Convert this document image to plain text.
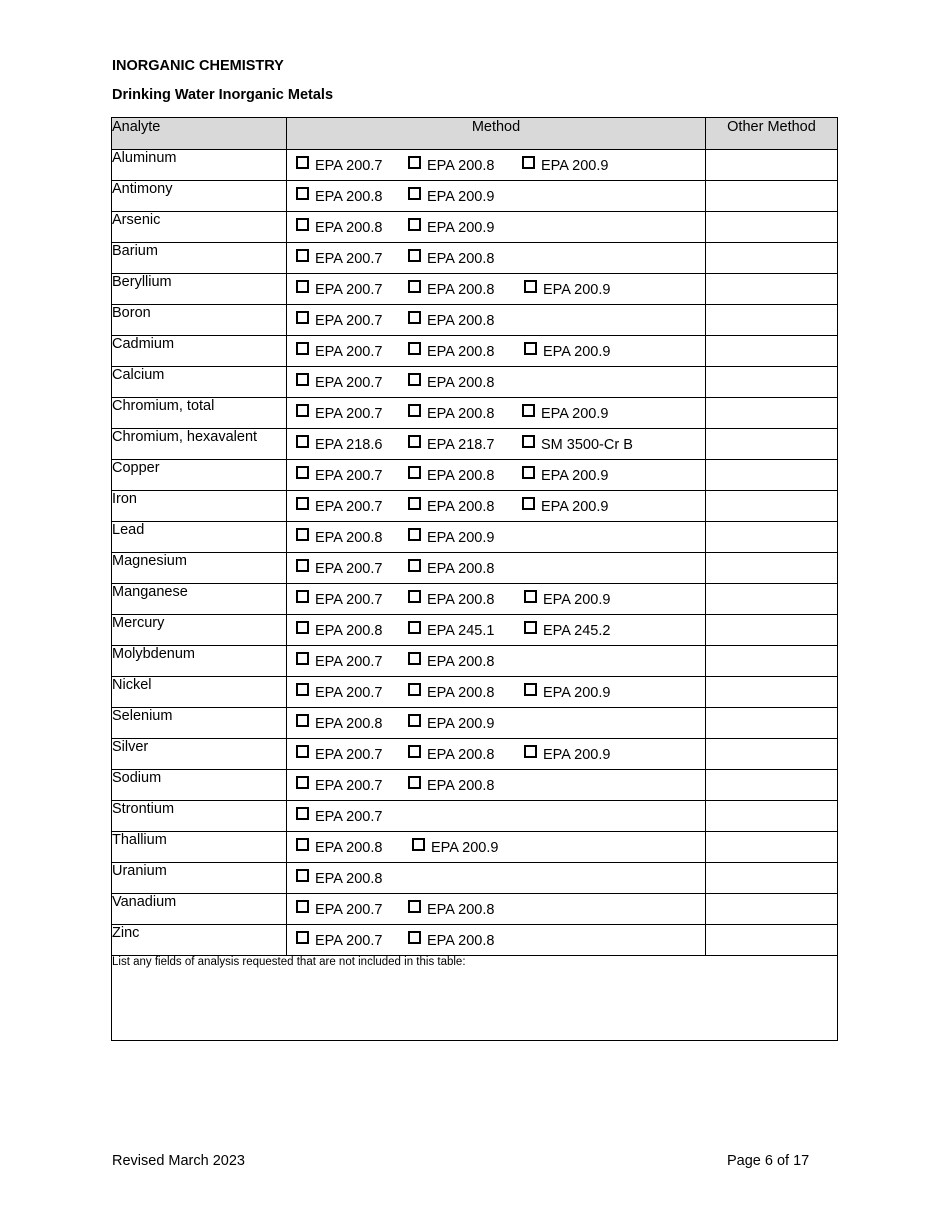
INORGANIC CHEMISTRY
Drinking Water Inorganic Metals
Analyte	Method	Other Method
Aluminum	EPA 200.7 EPA 200.8 EPA 200.9	

Antimony	EPA 200.8 EPA 200.9	

Arsenic	EPA 200.8 EPA 200.9	

Barium	EPA 200.7 EPA 200.8	

Beryllium	EPA 200.7 EPA 200.8 EPA 200.9	

Boron	EPA 200.7 EPA 200.8	

Cadmium	EPA 200.7 EPA 200.8 EPA 200.9	

Calcium	EPA 200.7 EPA 200.8	

Chromium, total	EPA 200.7 EPA 200.8 EPA 200.9	

Chromium, hexavalent	EPA 218.6 EPA 218.7 SM 3500-Cr B	

Copper	EPA 200.7 EPA 200.8 EPA 200.9	

Iron	EPA 200.7 EPA 200.8 EPA 200.9	

Lead	EPA 200.8 EPA 200.9	

Magnesium	EPA 200.7 EPA 200.8	

Manganese	EPA 200.7 EPA 200.8 EPA 200.9	

Mercury	EPA 200.8 EPA 245.1 EPA 245.2	

Molybdenum	EPA 200.7 EPA 200.8	

Nickel	EPA 200.7 EPA 200.8 EPA 200.9	

Selenium	EPA 200.8 EPA 200.9	

Silver	EPA 200.7 EPA 200.8 EPA 200.9	

Sodium	EPA 200.7 EPA 200.8	

Strontium	EPA 200.7	

Thallium	EPA 200.8 EPA 200.9	

Uranium	EPA 200.8	

Vanadium	EPA 200.7 EPA 200.8	

Zinc	EPA 200.7 EPA 200.8	

List any fields of analysis requested that are not included in this table:		
Revised March 2023	Page 6 of 17
